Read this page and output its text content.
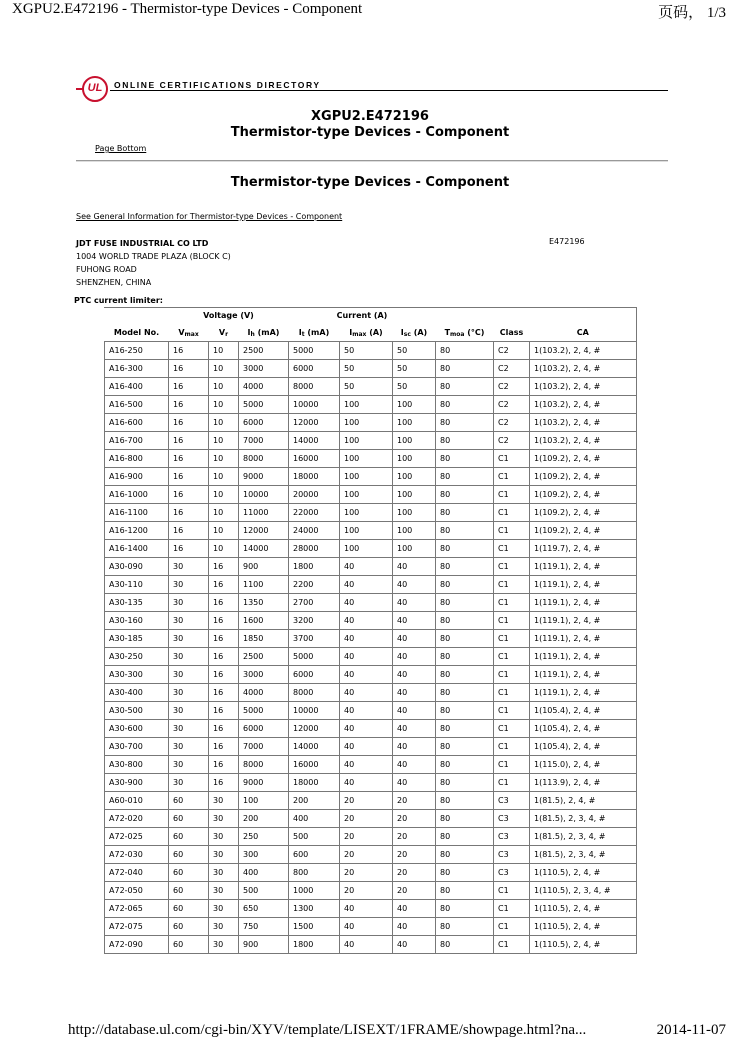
XGPU2.E472196 - Thermistor-type Devices - Component	页码， 1/3
UL	ONLINE CERTIFICATIONS DIRECTORY
XGPU2.E472196
Thermistor-type Devices - Component
Page Bottom
Thermistor-type Devices - Component
See General Information for Thermistor-type Devices - Component
JDT FUSE INDUSTRIAL CO LTD
1004 WORLD TRADE PLAZA (BLOCK C)
FUHONG ROAD
SHENZHEN, CHINA
E472196
PTC current limiter:
	Voltage (V)			Current (A)					
Model No.	$V_{max}$	$V_r$	$I_h$ (mA)	$I_t$ (mA)	$I_{max}$ (A)	$I_{sc}$ (A)	$T_{moa}$ (°C)	Class	CA
A16-250	16	10	2500	5000	50	50	80	C2	1(103.2), 2, 4, #
A16-300	16	10	3000	6000	50	50	80	C2	1(103.2), 2, 4, #
A16-400	16	10	4000	8000	50	50	80	C2	1(103.2), 2, 4, #
A16-500	16	10	5000	10000	100	100	80	C2	1(103.2), 2, 4, #
A16-600	16	10	6000	12000	100	100	80	C2	1(103.2), 2, 4, #
A16-700	16	10	7000	14000	100	100	80	C2	1(103.2), 2, 4, #
A16-800	16	10	8000	16000	100	100	80	C1	1(109.2), 2, 4, #
A16-900	16	10	9000	18000	100	100	80	C1	1(109.2), 2, 4, #
A16-1000	16	10	10000	20000	100	100	80	C1	1(109.2), 2, 4, #
A16-1100	16	10	11000	22000	100	100	80	C1	1(109.2), 2, 4, #
A16-1200	16	10	12000	24000	100	100	80	C1	1(109.2), 2, 4, #
A16-1400	16	10	14000	28000	100	100	80	C1	1(119.7), 2, 4, #
A30-090	30	16	900	1800	40	40	80	C1	1(119.1), 2, 4, #
A30-110	30	16	1100	2200	40	40	80	C1	1(119.1), 2, 4, #
A30-135	30	16	1350	2700	40	40	80	C1	1(119.1), 2, 4, #
A30-160	30	16	1600	3200	40	40	80	C1	1(119.1), 2, 4, #
A30-185	30	16	1850	3700	40	40	80	C1	1(119.1), 2, 4, #
A30-250	30	16	2500	5000	40	40	80	C1	1(119.1), 2, 4, #
A30-300	30	16	3000	6000	40	40	80	C1	1(119.1), 2, 4, #
A30-400	30	16	4000	8000	40	40	80	C1	1(119.1), 2, 4, #
A30-500	30	16	5000	10000	40	40	80	C1	1(105.4), 2, 4, #
A30-600	30	16	6000	12000	40	40	80	C1	1(105.4), 2, 4, #
A30-700	30	16	7000	14000	40	40	80	C1	1(105.4), 2, 4, #
A30-800	30	16	8000	16000	40	40	80	C1	1(115.0), 2, 4, #
A30-900	30	16	9000	18000	40	40	80	C1	1(113.9), 2, 4, #
A60-010	60	30	100	200	20	20	80	C3	1(81.5), 2, 4, #
A72-020	60	30	200	400	20	20	80	C3	1(81.5), 2, 3, 4, #
A72-025	60	30	250	500	20	20	80	C3	1(81.5), 2, 3, 4, #
A72-030	60	30	300	600	20	20	80	C3	1(81.5), 2, 3, 4, #
A72-040	60	30	400	800	20	20	80	C3	1(110.5), 2, 4, #
A72-050	60	30	500	1000	20	20	80	C1	1(110.5), 2, 3, 4, #
A72-065	60	30	650	1300	40	40	80	C1	1(110.5), 2, 4, #
A72-075	60	30	750	1500	40	40	80	C1	1(110.5), 2, 4, #
A72-090	60	30	900	1800	40	40	80	C1	1(110.5), 2, 4, #
http://database.ul.com/cgi-bin/XYV/template/LISEXT/1FRAME/showpage.html?na...	2014-11-07
